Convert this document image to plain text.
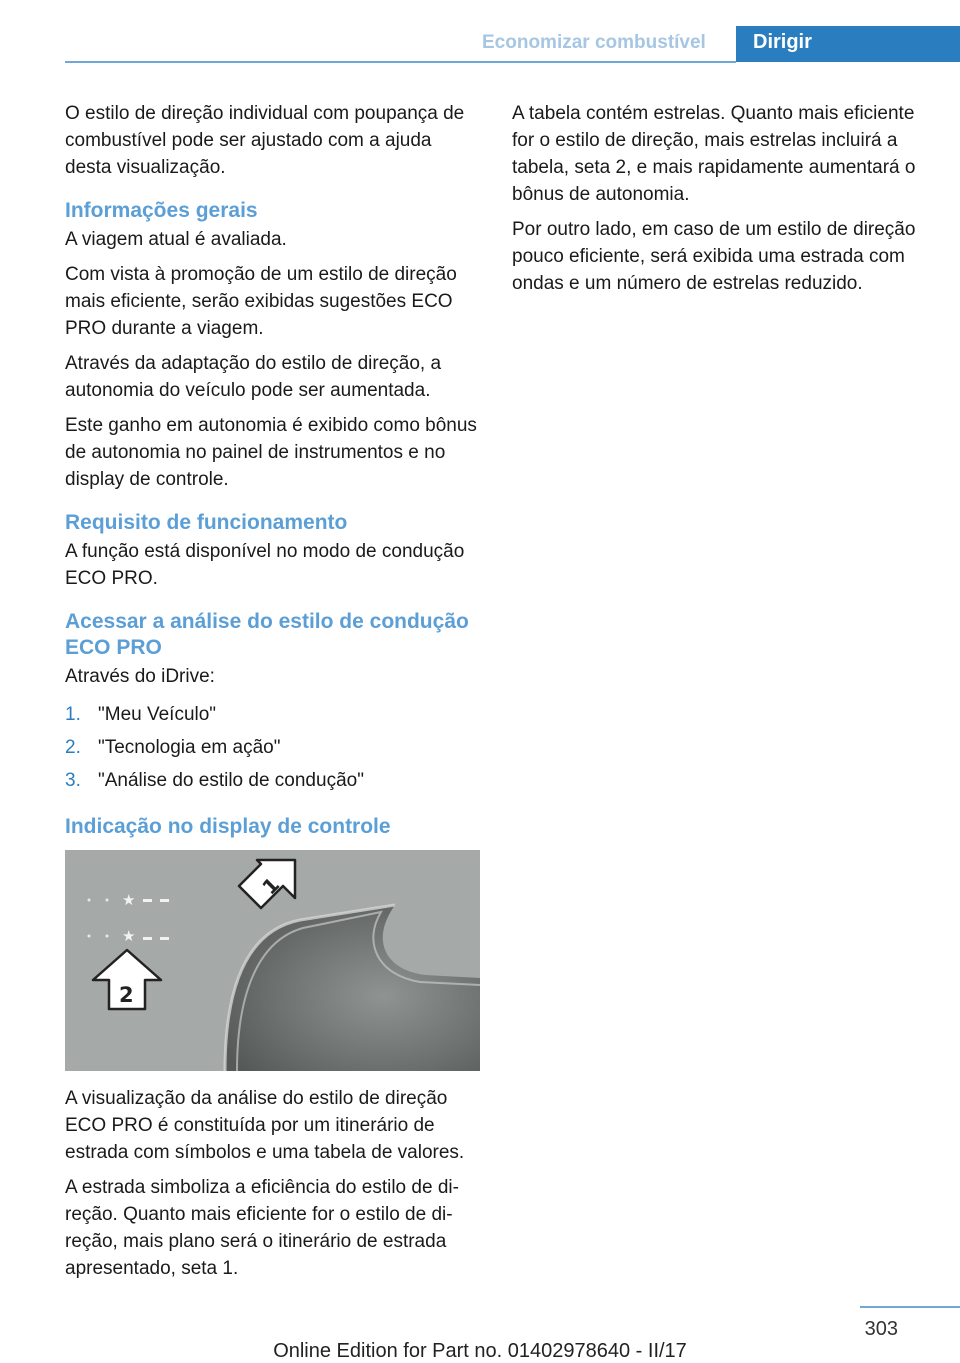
Economizar combustível Dirigir

O estilo de direção individual com poupança de combustível pode ser ajustado com a ajuda desta visualização.

Informações gerais

A viagem atual é avaliada.

Com vista à promoção de um estilo de direção mais eficiente, serão exibidas sugestões ECO PRO durante a viagem.

Através da adaptação do estilo de direção, a autonomia do veículo pode ser aumentada.

Este ganho em autonomia é exibido como bônus de autonomia no painel de instrumentos e no display de controle.

Requisito de funcionamento

A função está disponível no modo de condução ECO PRO.

Acessar a análise do estilo de condução ECO PRO

Através do iDrive:

1. "Meu Veículo"
2. "Tecnologia em ação"
3. "Análise do estilo de condução"
Indicação no display de controle
★
★
1
2

A visualização da análise do estilo de direção ECO PRO é constituída por um itinerário de estrada com símbolos e uma tabela de valores.

A estrada simboliza a eficiência do estilo de direção. Quanto mais eficiente for o estilo de direção, mais plano será o itinerário de estrada apresentado, seta 1.

A tabela contém estrelas. Quanto mais eficiente for o estilo de direção, mais estrelas incluirá a tabela, seta 2, e mais rapidamente aumentará o bônus de autonomia.

Por outro lado, em caso de um estilo de direção pouco eficiente, será exibida uma estrada com ondas e um número de estrelas reduzido.

303
Online Edition for Part no. 01402978640 - II/17
